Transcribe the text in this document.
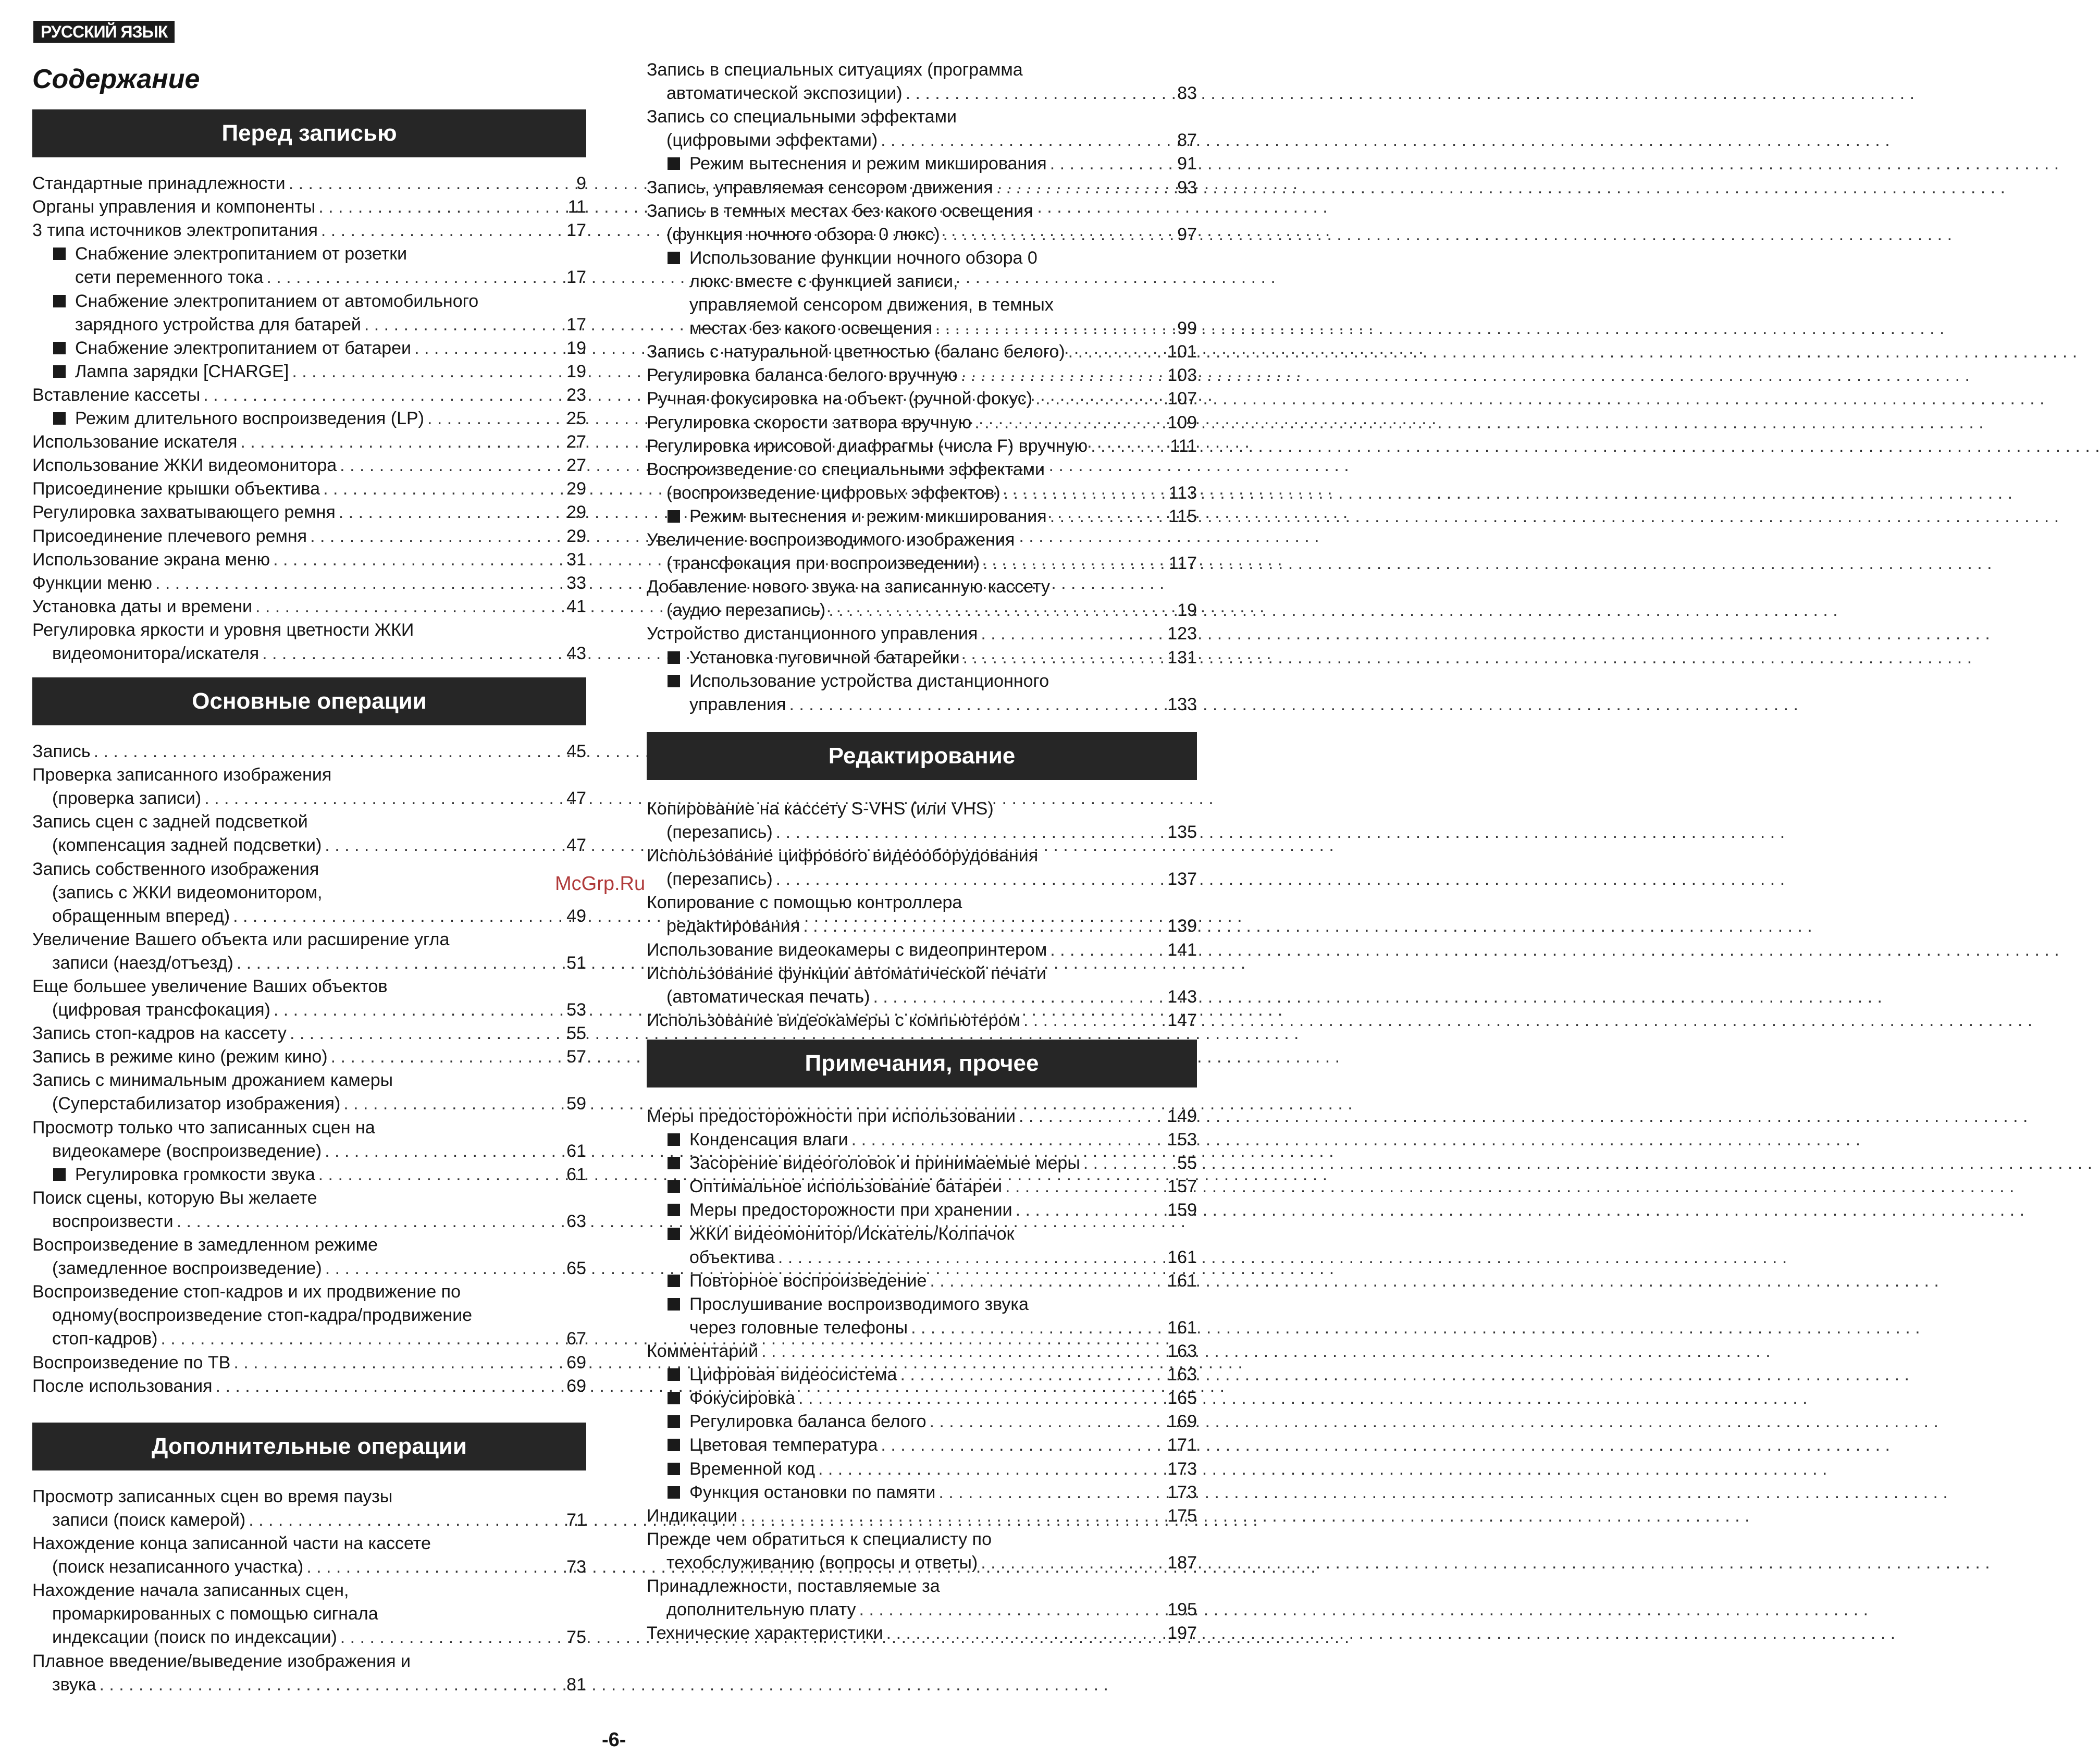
РУССКИЙ ЯЗЫК
Содержание
Перед записью
Стандартные принадлежности . . .	9
Органы управления и компоненты . . .	11
3 типа источников электропитания . . .	17
Снабжение электропитанием от розетки
сети переменного тока . . .	17
Снабжение электропитанием от автомобильного
зарядного устройства для батарей . . .	17
Снабжение электропитанием от батареи . . .	19
Лампа зарядки [CHARGE] . . .	19
Вставление кассеты . . .	23
Режим длительного воспроизведения (LP) . . .	25
Использование искателя . . .	27
Использование ЖКИ видеомонитора . . .	27
Присоединение крышки объектива . . .	29
Регулировка захватывающего ремня . . .	29
Присоединение плечевого ремня . . .	29
Использование экрана меню . . .	31
Функции меню . . .	33
Установка даты и времени . . .	41
Регулировка яркости и уровня цветности ЖКИ
видеомонитора/искателя . . .	43
Основные операции
Запись . . .	45
Проверка записанного изображения
(проверка записи) . . .	47
Запись сцен с задней подсветкой
(компенсация задней подсветки) . . .	47
Запись собственного изображения
(запись с ЖКИ видеомонитором,
обращенным вперед) . . .	49
Увеличение Вашего объекта или расширение угла
записи (наезд/отъезд) . . .	51
Еще большее увеличение Ваших объектов
(цифровая трансфокация) . . .	53
Запись стоп-кадров на кассету . . .	55
Запись в режиме кино (режим кино) . . .	57
Запись с минимальным дрожанием камеры
(Суперстабилизатор изображения) . . .	59
Просмотр только что записанных сцен на
видеокамере (воспроизведение) . . .	61
Регулировка громкости звука . . .	61
Поиск сцены, которую Вы желаете
воспроизвести . . .	63
Воспроизведение в замедленном режиме
(замедленное воспроизведение) . . .	65
Воспроизведение стоп-кадров и их продвижение по
одному(воспроизведение стоп-кадра/продвижение
стоп-кадров) . . .	67
Воспроизведение по ТВ . . .	69
После использования . . .	69
Дополнительные операции
Просмотр записанных сцен во время паузы
записи (поиск камерой) . . .	71
Нахождение конца записанной части на кассете
(поиск незаписанного участка) . . .	73
Нахождение начала записанных сцен,
промаркированных с помощью сигнала
индексации (поиск по индексации) . . .	75
Плавное введение/выведение изображения и
звука . . .	81
Запись в специальных ситуациях (программа
автоматической экспозиции) . . .	83
Запись со специальными эффектами
(цифровыми эффектами) . . .	87
Режим вытеснения и режим микширования . . .	91
Запись, управляемая сенсором движения . . .	93
Запись в темных местах без какого освещения
(функция ночного обзора 0 люкс) . . .	97
Использование функции ночного обзора 0
люкс вместе с функцией записи,
управляемой сенсором движения, в темных
местах без какого освещения . . .	99
Запись с натуральной цветностью (баланс белого) . . .	101
Регулировка баланса белого вручную . . .	103
Ручная фокусировка на объект (ручной фокус) . . .	107
Регулировка скорости затвора вручную . . .	109
Регулировка ирисовой диафрагмы (числа F) вручную . . .	111
Воспроизведение со специальными эффектами
(воспроизведение цифровых эффектов) . . .	113
Режим вытеснения и режим микширования . . .	115
Увеличение воспроизводимого изображения
(трансфокация при воспроизведении) . . .	117
Добавление нового звука на записанную кассету
(аудио перезапись) . . .	19
Устройство дистанционного управления . . .	123
Установка пуговичной батарейки . . .	131
Использование устройства дистанционного
управления . . .	133
Редактирование
Копирование на кассету S-VHS (или VHS)
(перезапись) . . .	135
Использование цифрового видеооборудования
(перезапись) . . .	137
Копирование с помощью контроллера
редактирования . . .	139
Использование видеокамеры с видеопринтером . . .	141
Использование функции автоматической печати
(автоматическая печать) . . .	143
Использование видеокамеры с компьютером . . .	147
Примечания, прочее
Меры предосторожности при использовании . . .	149
Конденсация влаги . . .	153
Засорение видеоголовок и принимаемые меры . . .	55
Оптимальное использование батареи . . .	157
Меры предосторожности при хранении . . .	159
ЖКИ видеомонитор/Искатель/Колпачок
объектива . . .	161
Повторное воспроизведение . . .	161
Прослушивание воспроизводимого звука
через головные телефоны . . .	161
Комментарий . . .	163
Цифровая видеосистема . . .	163
Фокусировка . . .	165
Регулировка баланса белого . . .	169
Цветовая температура . . .	171
Временной код . . .	173
Функция остановки по памяти . . .	173
Индикации . . .	175
Прежде чем обратиться к специалисту по
техобслуживанию (вопросы и ответы) . . .	187
Принадлежности, поставляемые за
дополнительную плату . . .	195
Технические характеристики . . .	197
McGrp.Ru
-6-
